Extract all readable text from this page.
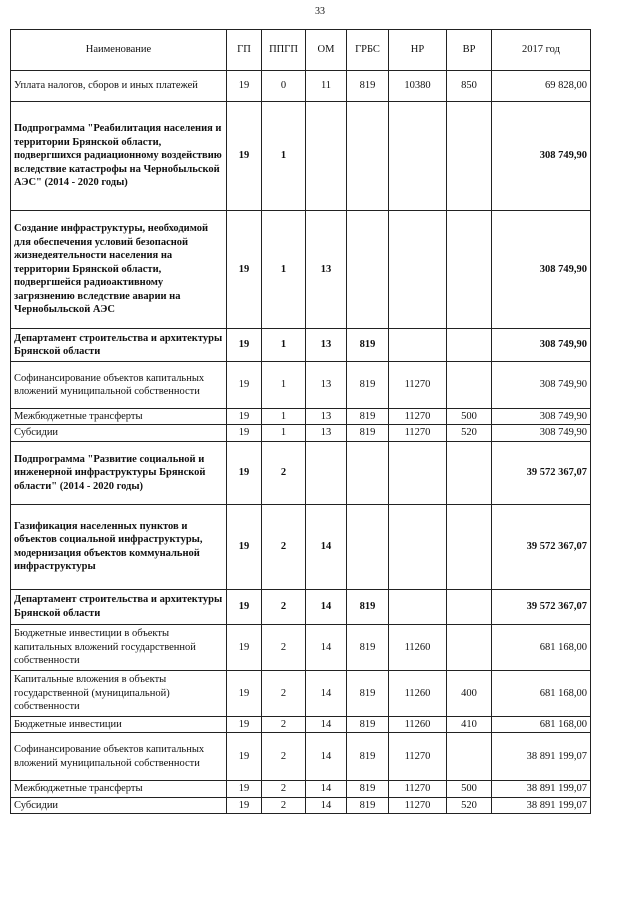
33
Наименование	ГП	ППГП	ОМ	ГРБС	НР	ВР	2017 год
Уплата налогов, сборов и иных платежей	19	0	11	819	10380	850	69 828,00
Подпрограмма "Реабилитация населения и территории Брянской области, подвергшихся радиационному воздействию вследствие катастрофы на Чернобыльской АЭС" (2014 - 2020 годы)	19	1					308 749,90
Создание инфраструктуры, необходимой для обеспечения условий безопасной жизнедеятельности населения на территории Брянской области, подвергшейся радиоактивному загрязнению вследствие аварии на Чернобыльской АЭС	19	1	13				308 749,90
Департамент строительства и архитектуры Брянской области	19	1	13	819			308 749,90
Софинансирование объектов капитальных вложений муниципальной собственности	19	1	13	819	11270		308 749,90
Межбюджетные трансферты	19	1	13	819	11270	500	308 749,90
Субсидии	19	1	13	819	11270	520	308 749,90
Подпрограмма "Развитие социальной и инженерной инфраструктуры Брянской области" (2014 - 2020 годы)	19	2					39 572 367,07
Газификация населенных пунктов и объектов социальной инфраструктуры, модернизация объектов коммунальной инфраструктуры	19	2	14				39 572 367,07
Департамент строительства и архитектуры Брянской области	19	2	14	819			39 572 367,07
Бюджетные инвестиции в объекты капитальных вложений государственной собственности	19	2	14	819	11260		681 168,00
Капитальные вложения в объекты государственной (муниципальной) собственности	19	2	14	819	11260	400	681 168,00
Бюджетные инвестиции	19	2	14	819	11260	410	681 168,00
Софинансирование объектов капитальных вложений муниципальной собственности	19	2	14	819	11270		38 891 199,07
Межбюджетные трансферты	19	2	14	819	11270	500	38 891 199,07
Субсидии	19	2	14	819	11270	520	38 891 199,07
